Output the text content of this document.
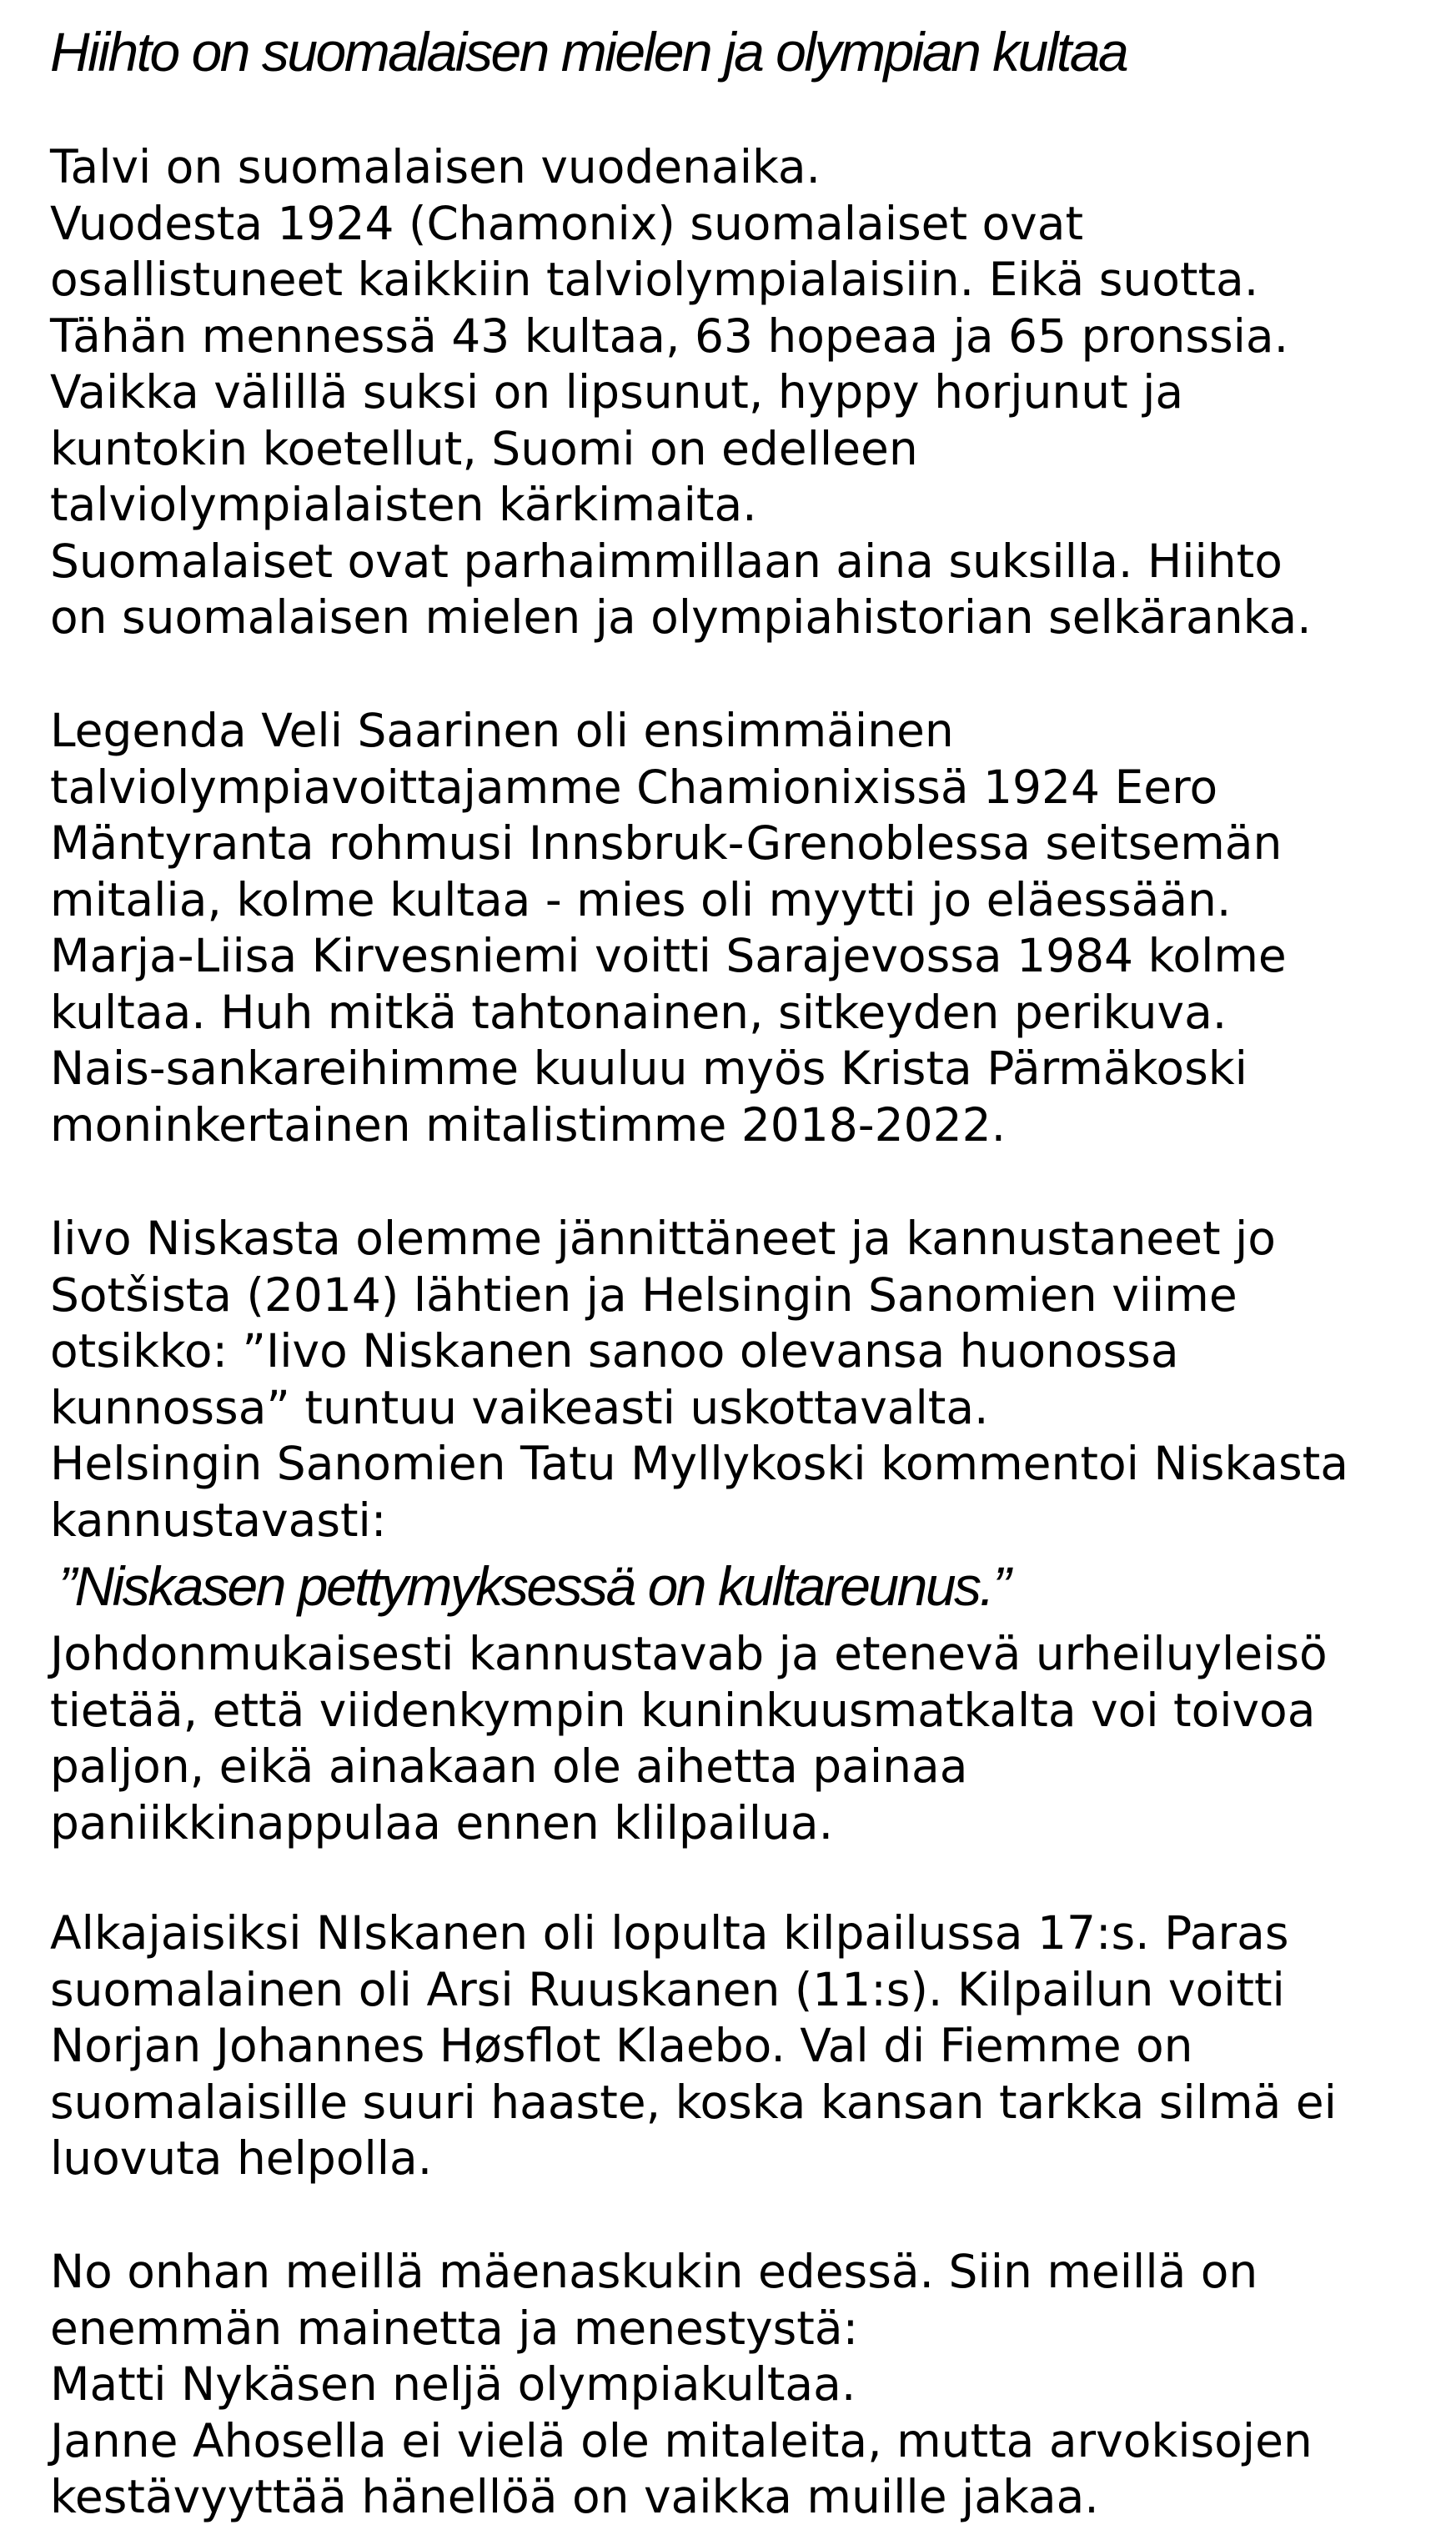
Hiihto on suomalaisen mielen ja olympian kultaa
Talvi on suomalaisen vuodenaika.
Vuodesta 1924 (Chamonix) suomalaiset ovat
osallistuneet kaikkiin talviolympialaisiin. Eikä suotta.
Tähän mennessä 43 kultaa, 63 hopeaa ja 65 pronssia.
Vaikka välillä suksi on lipsunut, hyppy horjunut ja
kuntokin koetellut, Suomi on edelleen
talviolympialaisten kärkimaita.
Suomalaiset ovat parhaimmillaan aina suksilla. Hiihto
on suomalaisen mielen ja olympiahistorian selkäranka.
Legenda Veli Saarinen oli ensimmäinen
talviolympiavoittajamme Chamionixissä 1924 Eero
Mäntyranta rohmusi Innsbruk-Grenoblessa seitsemän
mitalia, kolme kultaa - mies oli myytti jo eläessään.
Marja-Liisa Kirvesniemi voitti Sarajevossa 1984 kolme
kultaa. Huh mitkä tahtonainen, sitkeyden perikuva.
Nais-sankareihimme kuuluu myös Krista Pärmäkoski
moninkertainen mitalistimme 2018-2022.
Iivo Niskasta olemme jännittäneet ja kannustaneet jo
Sotšista (2014) lähtien ja Helsingin Sanomien viime
otsikko: ”Iivo Niskanen sanoo olevansa huonossa
kunnossa” tuntuu vaikeasti uskottavalta.
Helsingin Sanomien Tatu Myllykoski kommentoi Niskasta
kannustavasti:

”Niskasen pettymyksessä on kultareunus.”

Johdonmukaisesti kannustavab ja etenevä urheiluyleisö
tietää, että viidenkympin kuninkuusmatkalta voi toivoa
paljon, eikä ainakaan ole aihetta painaa
paniikkinappulaa ennen klilpailua.
Alkajaisiksi NIskanen oli lopulta kilpailussa 17:s. Paras
suomalainen oli Arsi Ruuskanen (11:s). Kilpailun voitti
Norjan Johannes Høsflot Klaebo. Val di Fiemme on
suomalaisille suuri haaste, koska kansan tarkka silmä ei
luovuta helpolla.
No onhan meillä mäenaskukin edessä. Siin meillä on
enemmän mainetta ja menestystä:
Matti Nykäsen neljä olympiakultaa.
Janne Ahosella ei vielä ole mitaleita, mutta arvokisojen
kestävyyttää hänellöä on vaikka muille jakaa.
